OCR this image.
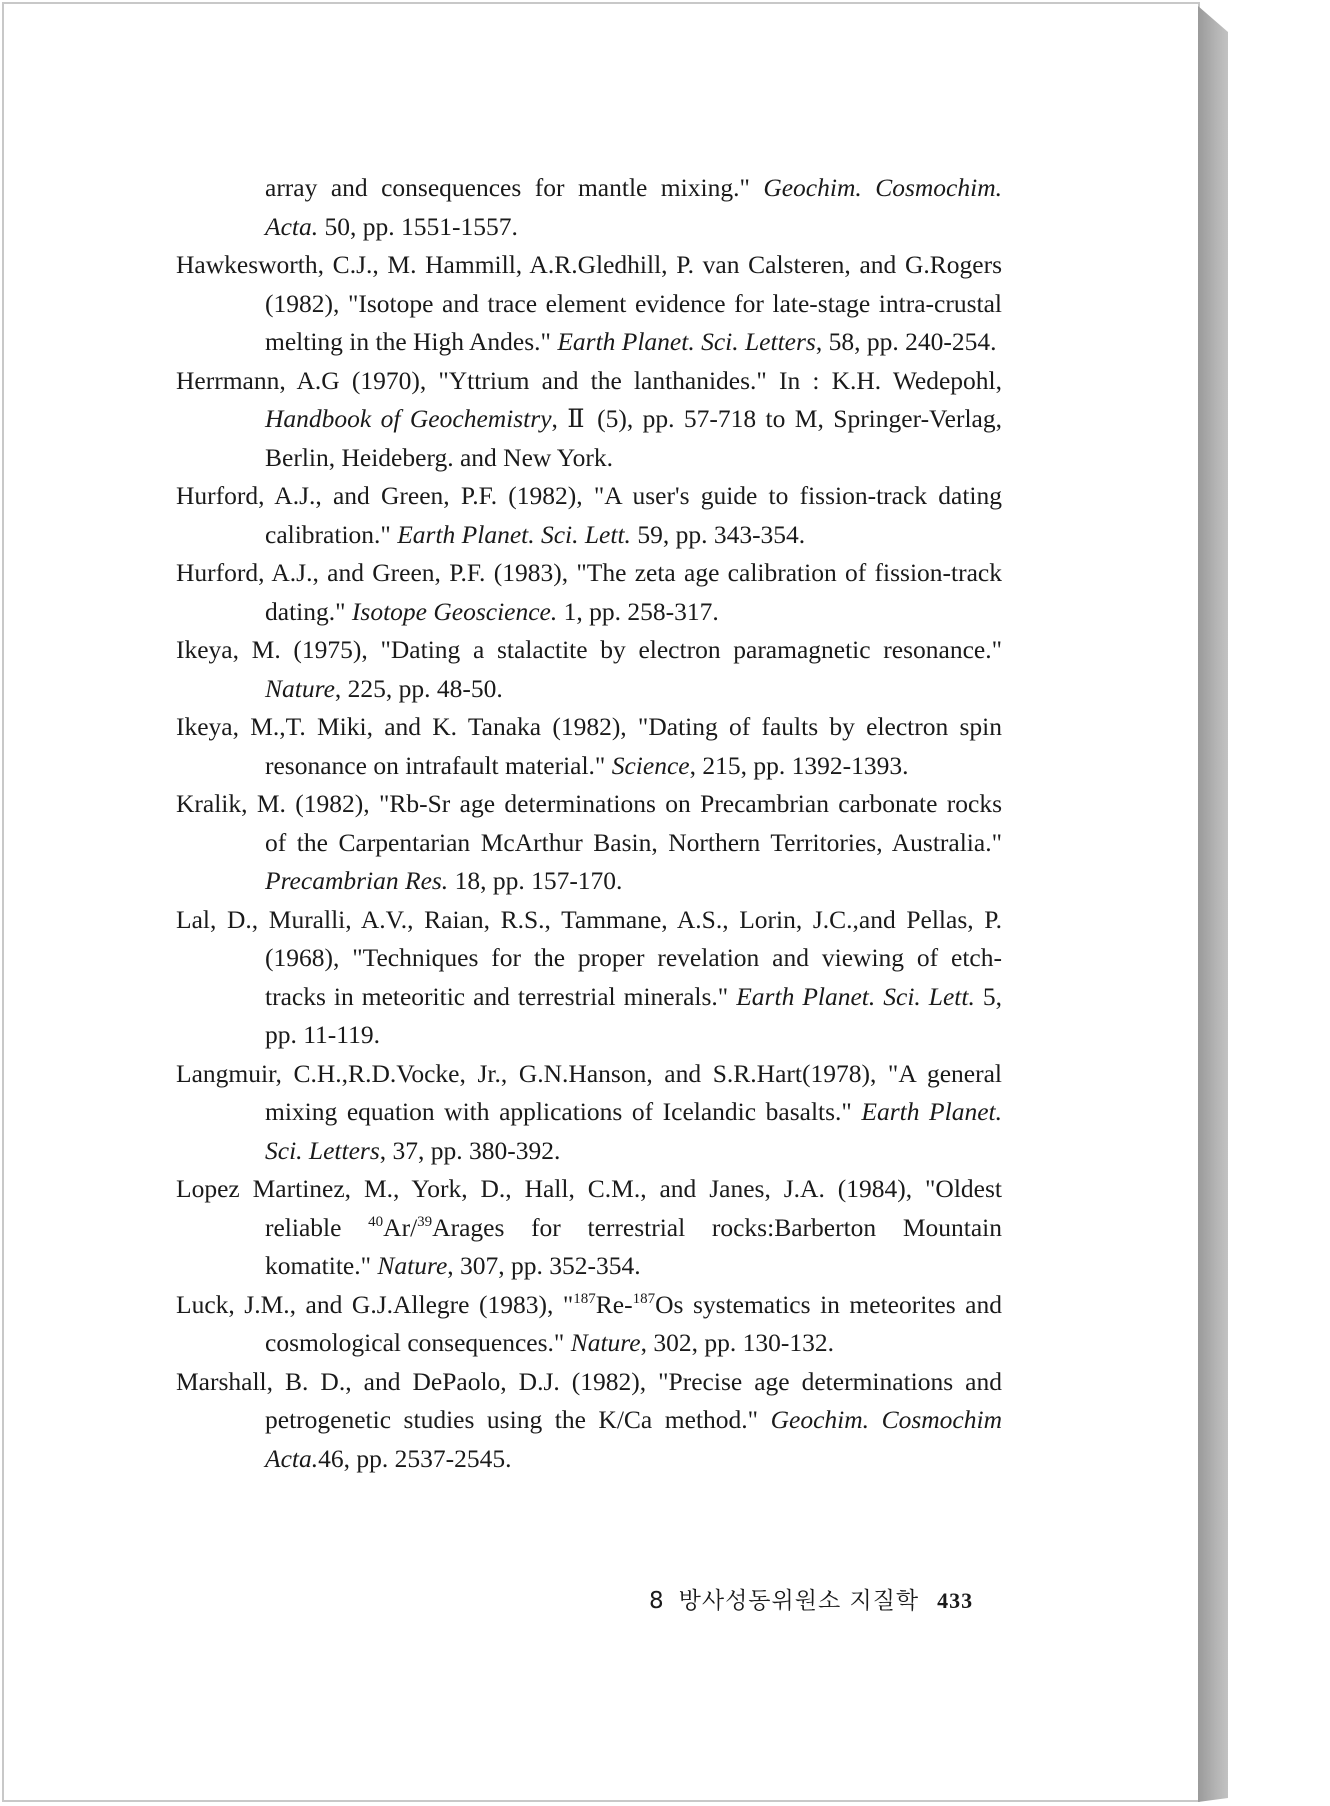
array and consequences for mantle mixing." Geochim. Cosmochim. Acta. 50, pp. 1551-1557.

Hawkesworth, C.J., M. Hammill, A.R.Gledhill, P. van Calsteren, and G.Rogers (1982), "Isotope and trace element evidence for late-stage intra-crustal melting in the High Andes." Earth Planet. Sci. Letters, 58, pp. 240-254.

Herrmann, A.G (1970), "Yttrium and the lanthanides." In : K.H. Wedepohl, Handbook of Geochemistry, Ⅱ (5), pp. 57-718 to M, Springer-Verlag, Berlin, Heideberg. and New York.

Hurford, A.J., and Green, P.F. (1982), "A user's guide to fission-track dating calibration." Earth Planet. Sci. Lett. 59, pp. 343-354.

Hurford, A.J., and Green, P.F. (1983), "The zeta age calibration of fission-track dating." Isotope Geoscience. 1, pp. 258-317.

Ikeya, M. (1975), "Dating a stalactite by electron paramagnetic resonance." Nature, 225, pp. 48-50.

Ikeya, M.,T. Miki, and K. Tanaka (1982), "Dating of faults by electron spin resonance on intrafault material." Science, 215, pp. 1392-1393.

Kralik, M. (1982), "Rb-Sr age determinations on Precambrian carbonate rocks of the Carpentarian McArthur Basin, Northern Territories, Australia." Precambrian Res. 18, pp. 157-170.

Lal, D., Muralli, A.V., Raian, R.S., Tammane, A.S., Lorin, J.C.,and Pellas, P. (1968), "Techniques for the proper revelation and viewing of etch-tracks in meteoritic and terrestrial minerals." Earth Planet. Sci. Lett. 5, pp. 11-119.

Langmuir, C.H.,R.D.Vocke, Jr., G.N.Hanson, and S.R.Hart(1978), "A general mixing equation with applications of Icelandic basalts." Earth Planet. Sci. Letters, 37, pp. 380-392.

Lopez Martinez, M., York, D., Hall, C.M., and Janes, J.A. (1984), "Oldest reliable $^{40}$Ar/$^{39}$Arages for terrestrial rocks:Barberton Mountain komatite." Nature, 307, pp. 352-354.

Luck, J.M., and G.J.Allegre (1983), "$^{187}$Re-$^{187}$Os systematics in meteorites and cosmological consequences." Nature, 302, pp. 130-132.

Marshall, B. D., and DePaolo, D.J. (1982), "Precise age determinations and petrogenetic studies using the K/Ca method." Geochim. Cosmochim Acta.46, pp. 2537-2545.

8 방사성동위원소 지질학 433
